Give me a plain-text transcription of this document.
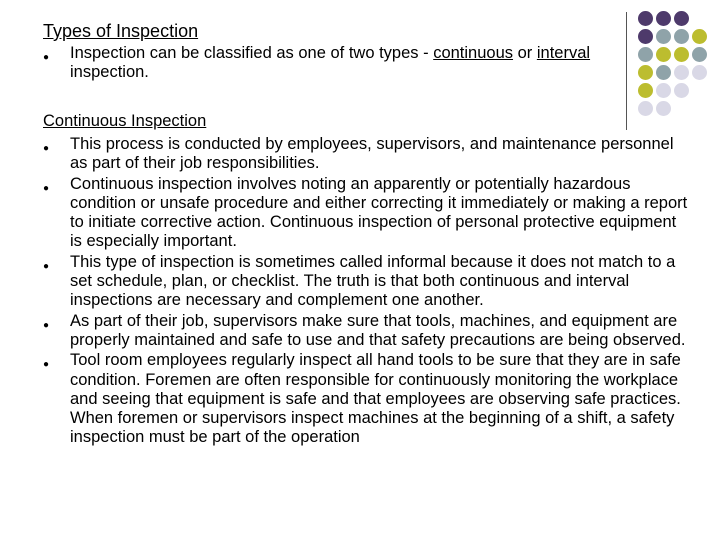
Types of Inspection
●	Inspection can be classified as one of two types - continuous or interval inspection.
Continuous Inspection
●	This process is conducted by employees, supervisors, and maintenance personnel as part of their job responsibilities.
●	Continuous inspection involves noting an apparently or potentially hazardous condition or unsafe procedure and either correcting it immediately or making a report to initiate corrective action. Continuous inspection of personal protective equipment is especially important.
●	This type of inspection is sometimes called informal because it does not match to a set schedule, plan, or checklist. The truth is that both continuous and interval inspections are necessary and complement one another.
●	As part of their job, supervisors make sure that tools, machines, and equipment are properly maintained and safe to use and that safety precautions are being observed.
●	Tool room employees regularly inspect all hand tools to be sure that they are in safe condition. Foremen are often responsible for continuously monitoring the workplace and seeing that equipment is safe and that employees are observing safe practices. When foremen or supervisors inspect machines at the beginning of a shift, a safety inspection must be part of the operation
